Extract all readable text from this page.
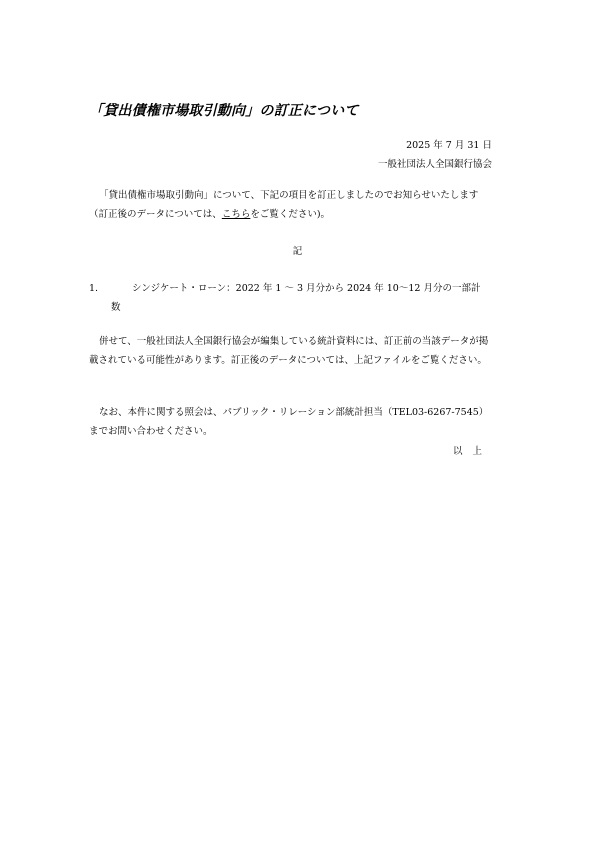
「貸出債権市場取引動向」の訂正について
2025 年 7 月 31 日
一般社団法人全国銀行協会
「貸出債権市場取引動向」について、下記の項目を訂正しましたのでお知らせいたします（訂正後のデータについては、こちらをご覧ください)。
記
1.	シンジケート・ローン：2022 年 1 ～ 3 月分から 2024 年 10～12 月分の一部計
数
併せて、一般社団法人全国銀行協会が編集している統計資料には、訂正前の当該データが掲載されている可能性があります。訂正後のデータについては、上記ファイルをご覧ください。
なお、本件に関する照会は、パブリック・リレーション部統計担当（TEL03-6267-7545）までお問い合わせください。
以上
